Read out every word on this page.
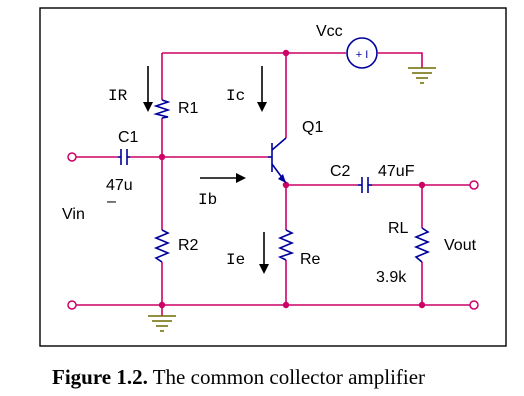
+ I
Vcc
IR
R1
Ic
Q1
C1
47u
–	Ib
Vin
C2 47uF
R2
Ie	Re
RL
3.9k
Vout
Figure 1.2. The common collector amplifier
